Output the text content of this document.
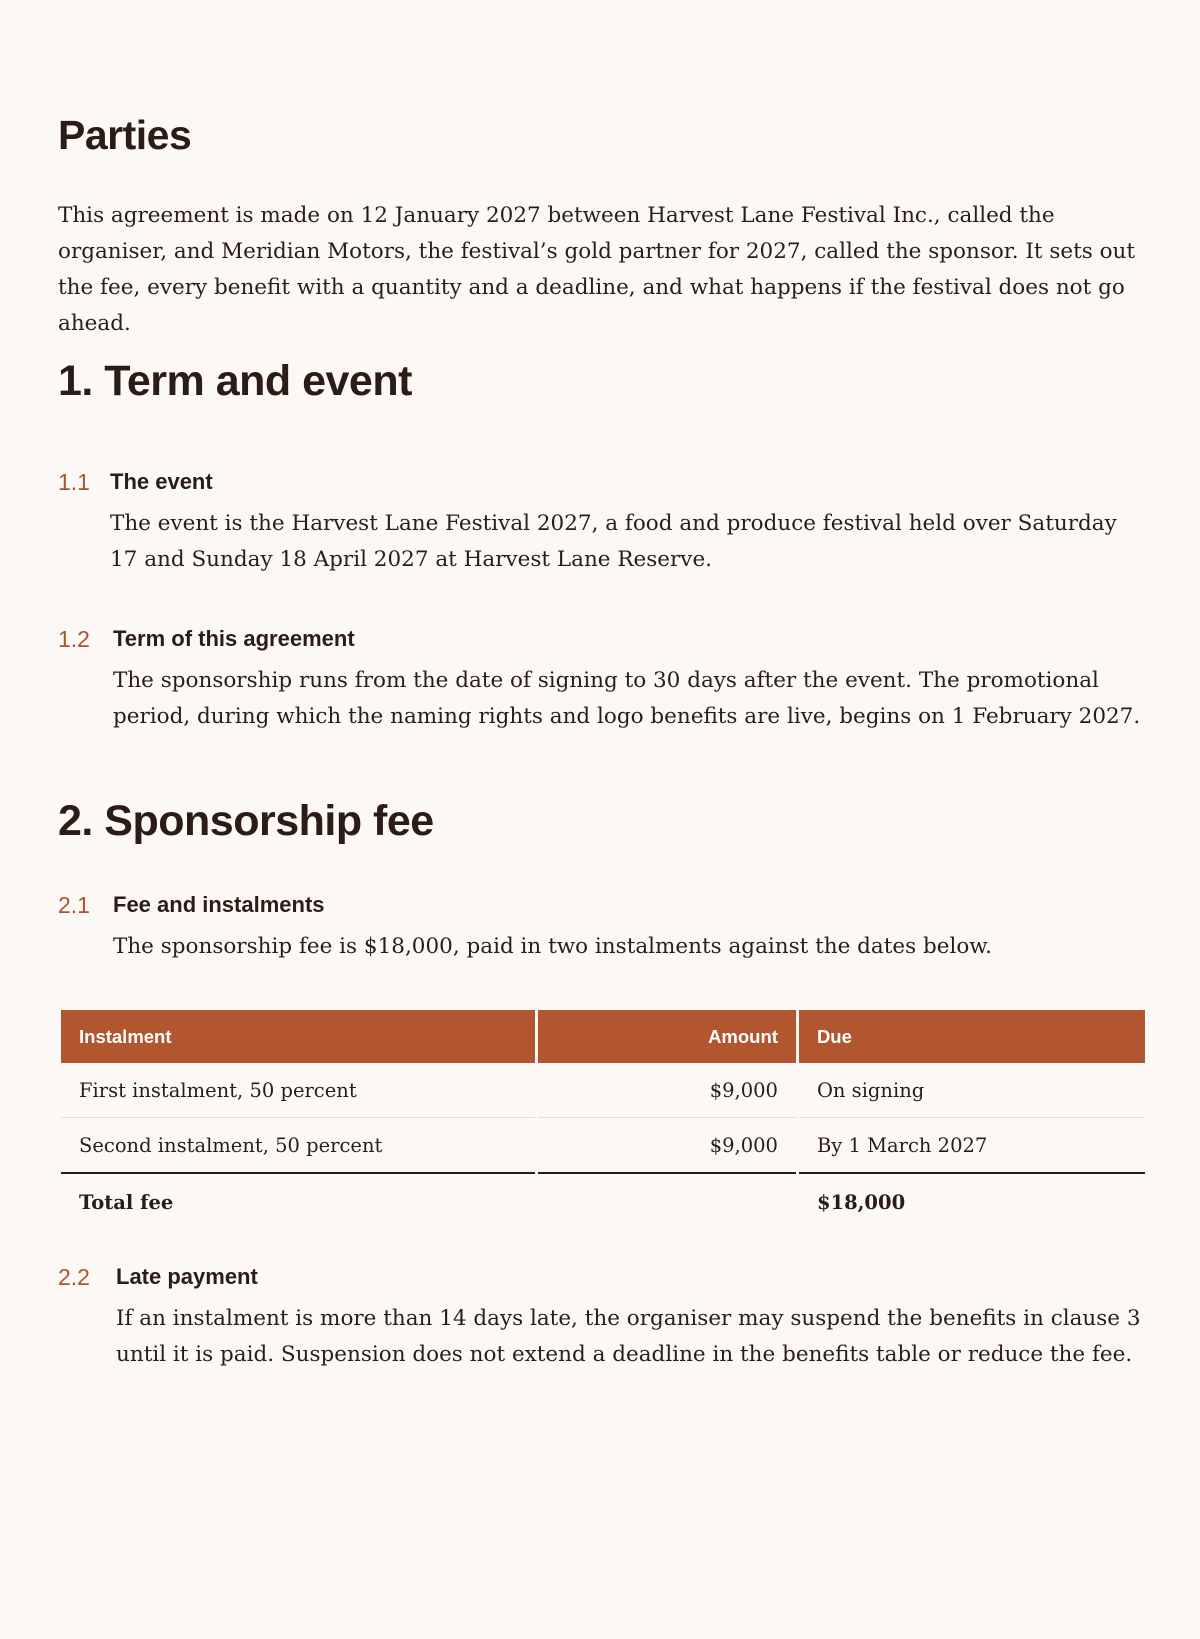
Parties

This agreement is made on 12 January 2027 between Harvest Lane Festival Inc., called the organiser, and Meridian Motors, the festival’s gold partner for 2027, called the sponsor. It sets out the fee, every benefit with a quantity and a deadline, and what happens if the festival does not go ahead.

1. Term and event
1.1 The event

The event is the Harvest Lane Festival 2027, a food and produce festival held over Saturday 17 and Sunday 18 April 2027 at Harvest Lane Reserve.

1.2 Term of this agreement

The sponsorship runs from the date of signing to 30 days after the event. The promotional period, during which the naming rights and logo benefits are live, begins on 1 February 2027.

2. Sponsorship fee
2.1 Fee and instalments

The sponsorship fee is $18,000, paid in two instalments against the dates below.

Instalment	Amount	Due
First instalment, 50 percent	$9,000	On signing
Second instalment, 50 percent	$9,000	By 1 March 2027
Total fee		$18,000
2.2 Late payment

If an instalment is more than 14 days late, the organiser may suspend the benefits in clause 3 until it is paid. Suspension does not extend a deadline in the benefits table or reduce the fee.
